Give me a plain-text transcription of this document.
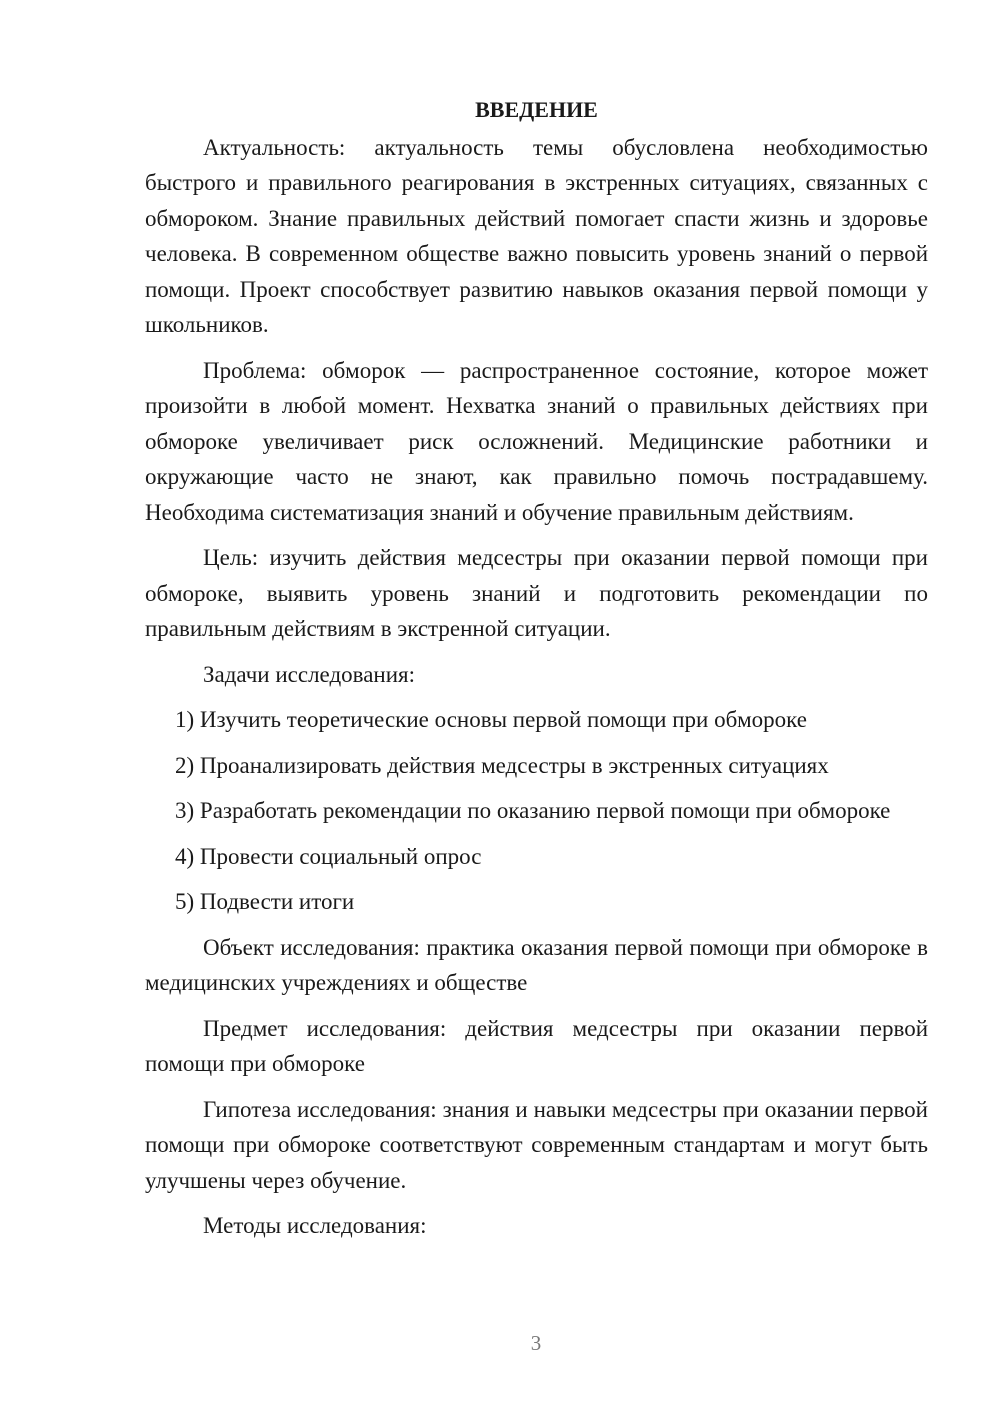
ВВЕДЕНИЕ

Актуальность: актуальность темы обусловлена необходимостью быстрого и правильного реагирования в экстренных ситуациях, связанных с обмороком. Знание правильных действий помогает спасти жизнь и здоровье человека. В современном обществе важно повысить уровень знаний о первой помощи. Проект способствует развитию навыков оказания первой помощи у школьников.

Проблема: обморок — распространенное состояние, которое может произойти в любой момент. Нехватка знаний о правильных действиях при обмороке увеличивает риск осложнений. Медицинские работники и окружающие часто не знают, как правильно помочь пострадавшему. Необходима систематизация знаний и обучение правильным действиям.

Цель: изучить действия медсестры при оказании первой помощи при обмороке, выявить уровень знаний и подготовить рекомендации по правильным действиям в экстренной ситуации.

Задачи исследования:

1) Изучить теоретические основы первой помощи при обмороке

2) Проанализировать действия медсестры в экстренных ситуациях

3) Разработать рекомендации по оказанию первой помощи при обмороке

4) Провести социальный опрос

5) Подвести итоги

Объект исследования: практика оказания первой помощи при обмороке в медицинских учреждениях и обществе

Предмет исследования: действия медсестры при оказании первой помощи при обмороке

Гипотеза исследования: знания и навыки медсестры при оказании первой помощи при обмороке соответствуют современным стандартам и могут быть улучшены через обучение.

Методы исследования:

3
